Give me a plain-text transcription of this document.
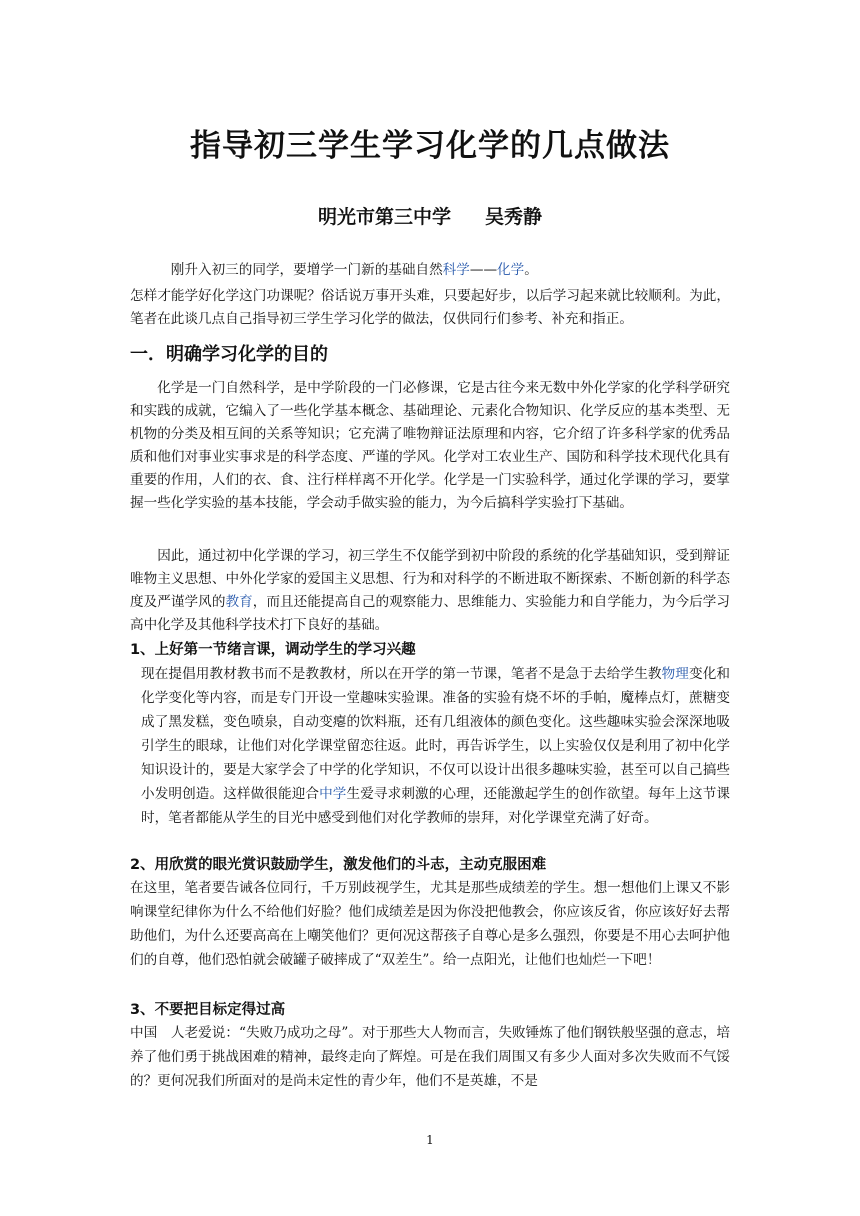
指导初三学生学习化学的几点做法
明光市第三中学 吴秀静

刚升入初三的同学，要增学一门新的基础自然科学——化学。

怎样才能学好化学这门功课呢？俗话说万事开头难，只要起好步，以后学习起来就比较顺利。为此，笔者在此谈几点自己指导初三学生学习化学的做法，仅供同行们参考、补充和指正。

一．明确学习化学的目的

化学是一门自然科学，是中学阶段的一门必修课，它是古往今来无数中外化学家的化学科学研究和实践的成就，它编入了一些化学基本概念、基础理论、元素化合物知识、化学反应的基本类型、无机物的分类及相互间的关系等知识；它充满了唯物辩证法原理和内容，它介绍了许多科学家的优秀品质和他们对事业实事求是的科学态度、严谨的学风。化学对工农业生产、国防和科学技术现代化具有重要的作用，人们的衣、食、注行样样离不开化学。化学是一门实验科学，通过化学课的学习，要掌握一些化学实验的基本技能，学会动手做实验的能力，为今后搞科学实验打下基础。

因此，通过初中化学课的学习，初三学生不仅能学到初中阶段的系统的化学基础知识，受到辩证唯物主义思想、中外化学家的爱国主义思想、行为和对科学的不断进取不断探索、不断创新的科学态度及严谨学风的教育，而且还能提高自己的观察能力、思维能力、实验能力和自学能力，为今后学习高中化学及其他科学技术打下良好的基础。

1、上好第一节绪言课，调动学生的学习兴趣

现在提倡用教材教书而不是教教材，所以在开学的第一节课，笔者不是急于去给学生教物理变化和化学变化等内容，而是专门开设一堂趣味实验课。准备的实验有烧不坏的手帕，魔棒点灯，蔗糖变成了黑发糕，变色喷泉，自动变瘪的饮料瓶，还有几组液体的颜色变化。这些趣味实验会深深地吸引学生的眼球，让他们对化学课堂留恋往返。此时，再告诉学生，以上实验仅仅是利用了初中化学知识设计的，要是大家学会了中学的化学知识，不仅可以设计出很多趣味实验，甚至可以自己搞些小发明创造。这样做很能迎合中学生爱寻求刺激的心理，还能激起学生的创作欲望。每年上这节课时，笔者都能从学生的目光中感受到他们对化学教师的崇拜，对化学课堂充满了好奇。

2、用欣赏的眼光赏识鼓励学生，激发他们的斗志，主动克服困难

在这里，笔者要告诫各位同行，千万别歧视学生，尤其是那些成绩差的学生。想一想他们上课又不影响课堂纪律你为什么不给他们好脸？他们成绩差是因为你没把他教会，你应该反省，你应该好好去帮助他们，为什么还要高高在上嘲笑他们？更何况这帮孩子自尊心是多么强烈，你要是不用心去呵护他们的自尊，他们恐怕就会破罐子破摔成了“双差生”。给一点阳光，让他们也灿烂一下吧！

3、不要把目标定得过高

中国　人老爱说：“失败乃成功之母”。对于那些大人物而言，失败锤炼了他们钢铁般坚强的意志，培养了他们勇于挑战困难的精神，最终走向了辉煌。可是在我们周围又有多少人面对多次失败而不气馁的？更何况我们所面对的是尚未定性的青少年，他们不是英雄，不是

1
